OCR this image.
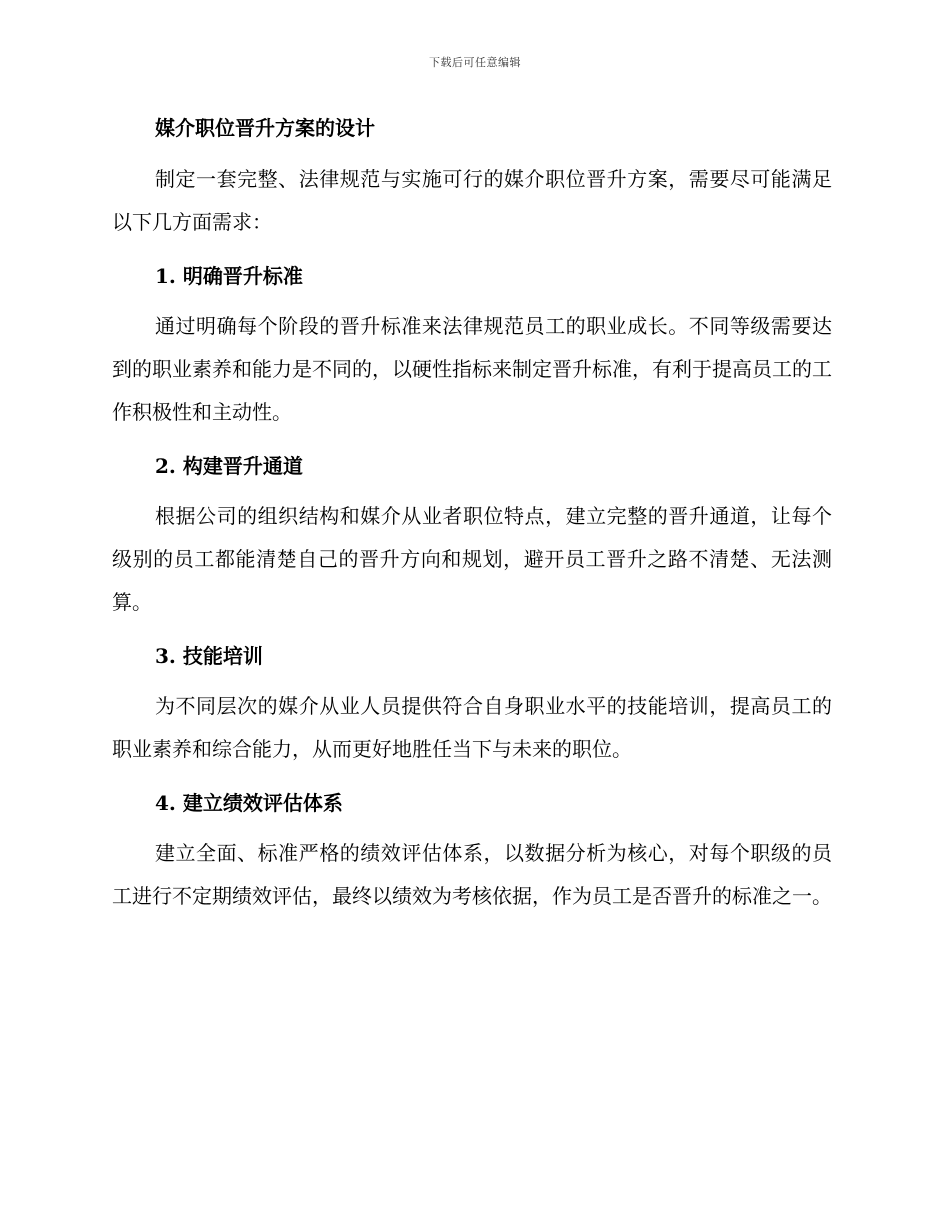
下载后可任意编辑
媒介职位晋升方案的设计

制定一套完整、法律规范与实施可行的媒介职位晋升方案，需要尽可能满足以下几方面需求：

1. 明确晋升标准

通过明确每个阶段的晋升标准来法律规范员工的职业成长。不同等级需要达到的职业素养和能力是不同的，以硬性指标来制定晋升标准，有利于提高员工的工作积极性和主动性。

2. 构建晋升通道

根据公司的组织结构和媒介从业者职位特点，建立完整的晋升通道，让每个级别的员工都能清楚自己的晋升方向和规划，避开员工晋升之路不清楚、无法测算。

3. 技能培训

为不同层次的媒介从业人员提供符合自身职业水平的技能培训，提高员工的职业素养和综合能力，从而更好地胜任当下与未来的职位。

4. 建立绩效评估体系

建立全面、标准严格的绩效评估体系，以数据分析为核心，对每个职级的员工进行不定期绩效评估，最终以绩效为考核依据，作为员工是否晋升的标准之一。
